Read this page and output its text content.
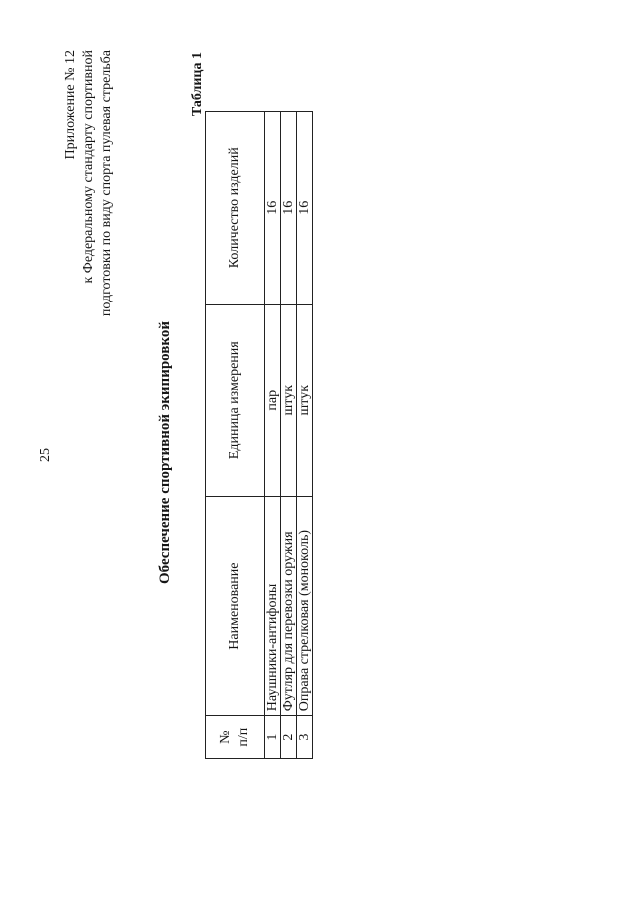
25
Приложение № 12 к Федеральному стандарту спортивной подготовки по виду спорта пулевая стрельба
Обеспечение спортивной экипировкой
Таблица 1
№ п/п	Наименование	Единица измерения	Количество изделий
1	Наушники-антифоны	пар	16
2	Футляр для перевозки оружия	штук	16
3	Оправа стрелковая (моноколь)	штук	16
